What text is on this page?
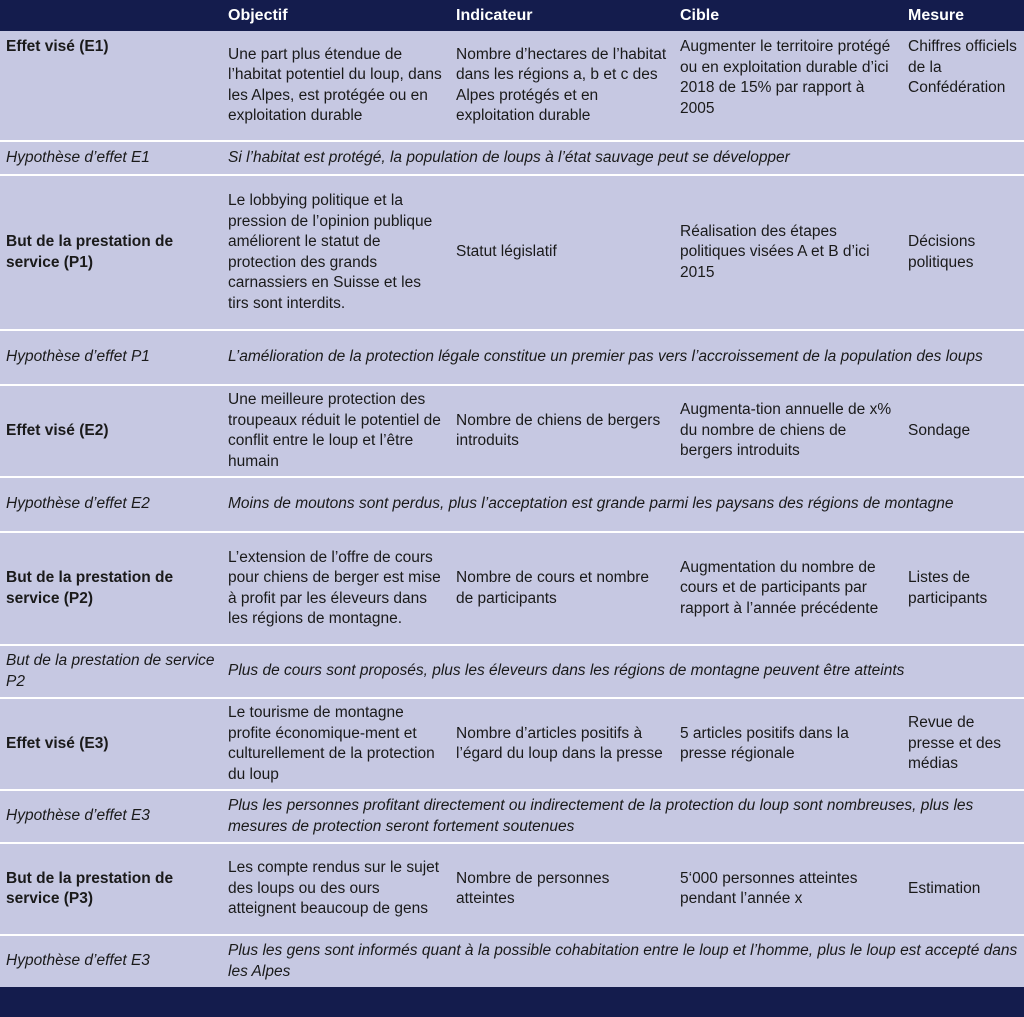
	Objectif	Indicateur	Cible	Mesure
Effet visé (E1)	Une part plus étendue de l’habitat potentiel du loup, dans les Alpes, est protégée ou en exploitation durable	Nombre d’hectares de l’habitat dans les régions a, b et c des Alpes protégés et en exploitation durable	Augmenter le territoire protégé ou en exploitation durable d’ici 2018 de 15% par rapport à 2005	Chiffres officiels de la Confédération
Hypothèse d’effet E1	Si l’habitat est protégé, la population de loups à l’état sauvage peut se développer			
But de la prestation de service (P1)	Le lobbying politique et la pression de l’opinion publique améliorent le statut de protection des grands carnassiers en Suisse et les tirs sont interdits.	Statut législatif	Réalisation des étapes politiques visées A et B d’ici 2015	Décisions politiques
Hypothèse d’effet P1	L’amélioration de la protection légale constitue un premier pas vers l’accroissement de la population des loups			
Effet visé (E2)	Une meilleure protection des troupeaux réduit le potentiel de conflit entre le loup et l’être humain	Nombre de chiens de bergers introduits	Augmenta-tion annuelle de x% du nombre de chiens de bergers introduits	Sondage
Hypothèse d’effet E2	Moins de moutons sont perdus, plus l’acceptation est grande parmi les paysans des régions de montagne			
But de la prestation de service (P2)	L’extension de l’offre de cours pour chiens de berger est mise à profit par les éleveurs dans les régions de montagne.	Nombre de cours et nombre de participants	Augmentation du nombre de cours et de participants par rapport à l’année précédente	Listes de participants
But de la prestation de service P2	Plus de cours sont proposés, plus les éleveurs dans les régions de montagne peuvent être atteints			
Effet visé (E3)	Le tourisme de montagne profite économique-ment et culturellement de la protection du loup	Nombre d’articles positifs à l’égard du loup dans la presse	5 articles positifs dans la presse régionale	Revue de presse et des médias
Hypothèse d’effet E3	Plus les personnes profitant directement ou indirectement de la protection du loup sont nombreuses, plus les mesures de protection seront fortement soutenues			
But de la prestation de service (P3)	Les compte rendus sur le sujet des loups ou des ours atteignent beaucoup de gens	Nombre de personnes atteintes	5‘000 personnes atteintes pendant l’année x	Estimation
Hypothèse d’effet E3	Plus les gens sont informés quant à la possible cohabitation entre le loup et l’homme, plus le loup est accepté dans les Alpes			
